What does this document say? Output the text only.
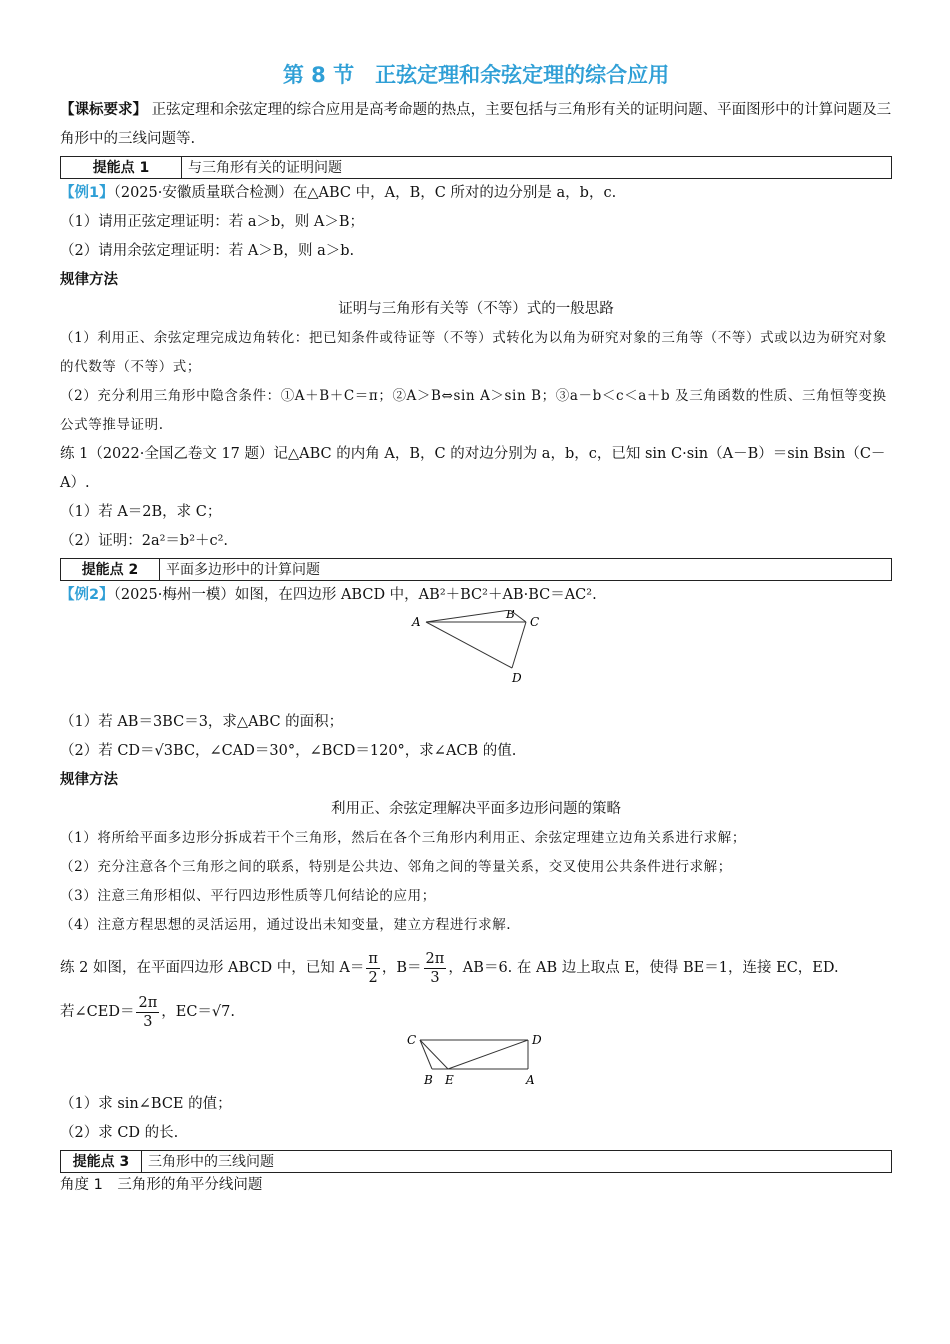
第 8 节　正弦定理和余弦定理的综合应用

【课标要求】 正弦定理和余弦定理的综合应用是高考命题的热点，主要包括与三角形有关的证明问题、平面图形中的计算问题及三角形中的三线问题等.

提能点 1	与三角形有关的证明问题

【例1】（2025·安徽质量联合检测）在△ABC 中，A，B，C 所对的边分别是 a，b，c.

（1）请用正弦定理证明：若 a＞b，则 A＞B；

（2）请用余弦定理证明：若 A＞B，则 a＞b.

规律方法

证明与三角形有关等（不等）式的一般思路

（1）利用正、余弦定理完成边角转化：把已知条件或待证等（不等）式转化为以角为研究对象的三角等（不等）式或以边为研究对象的代数等（不等）式；

（2）充分利用三角形中隐含条件：①A＋B＋C＝π；②A＞B⇔sin A＞sin B；③a－b＜c＜a＋b 及三角函数的性质、三角恒等变换公式等推导证明.

练 1（2022·全国乙卷文 17 题）记△ABC 的内角 A，B，C 的对边分别为 a，b，c，已知 sin C·sin（A－B）＝sin Bsin（C－A）.

（1）若 A＝2B，求 C；

（2）证明：2a²＝b²＋c².

提能点 2	平面多边形中的计算问题

【例2】（2025·梅州一模）如图，在四边形 ABCD 中，AB²＋BC²＋AB·BC＝AC².

A
B
C
D

（1）若 AB＝3BC＝3，求△ABC 的面积；

（2）若 CD＝√3BC，∠CAD＝30°，∠BCD＝120°，求∠ACB 的值.

规律方法

利用正、余弦定理解决平面多边形问题的策略

（1）将所给平面多边形分拆成若干个三角形，然后在各个三角形内利用正、余弦定理建立边角关系进行求解；

（2）充分注意各个三角形之间的联系，特别是公共边、邻角之间的等量关系，交叉使用公共条件进行求解；

（3）注意三角形相似、平行四边形性质等几何结论的应用；

（4）注意方程思想的灵活运用，通过设出未知变量，建立方程进行求解.

练 2 如图，在平面四边形 ABCD 中，已知 $A= \frac{\pi}{2}$ ，$B= \frac{2\pi}{3}$ ，AB＝6. 在 AB 边上取点 E，使得 BE＝1，连接 EC，ED.

若∠CED＝ $\frac{2\pi}{3}$ ，EC＝√7.

C	D
B E	A

（1）求 sin∠BCE 的值；

（2）求 CD 的长.

提能点 3	三角形中的三线问题

角度 1　三角形的角平分线问题
